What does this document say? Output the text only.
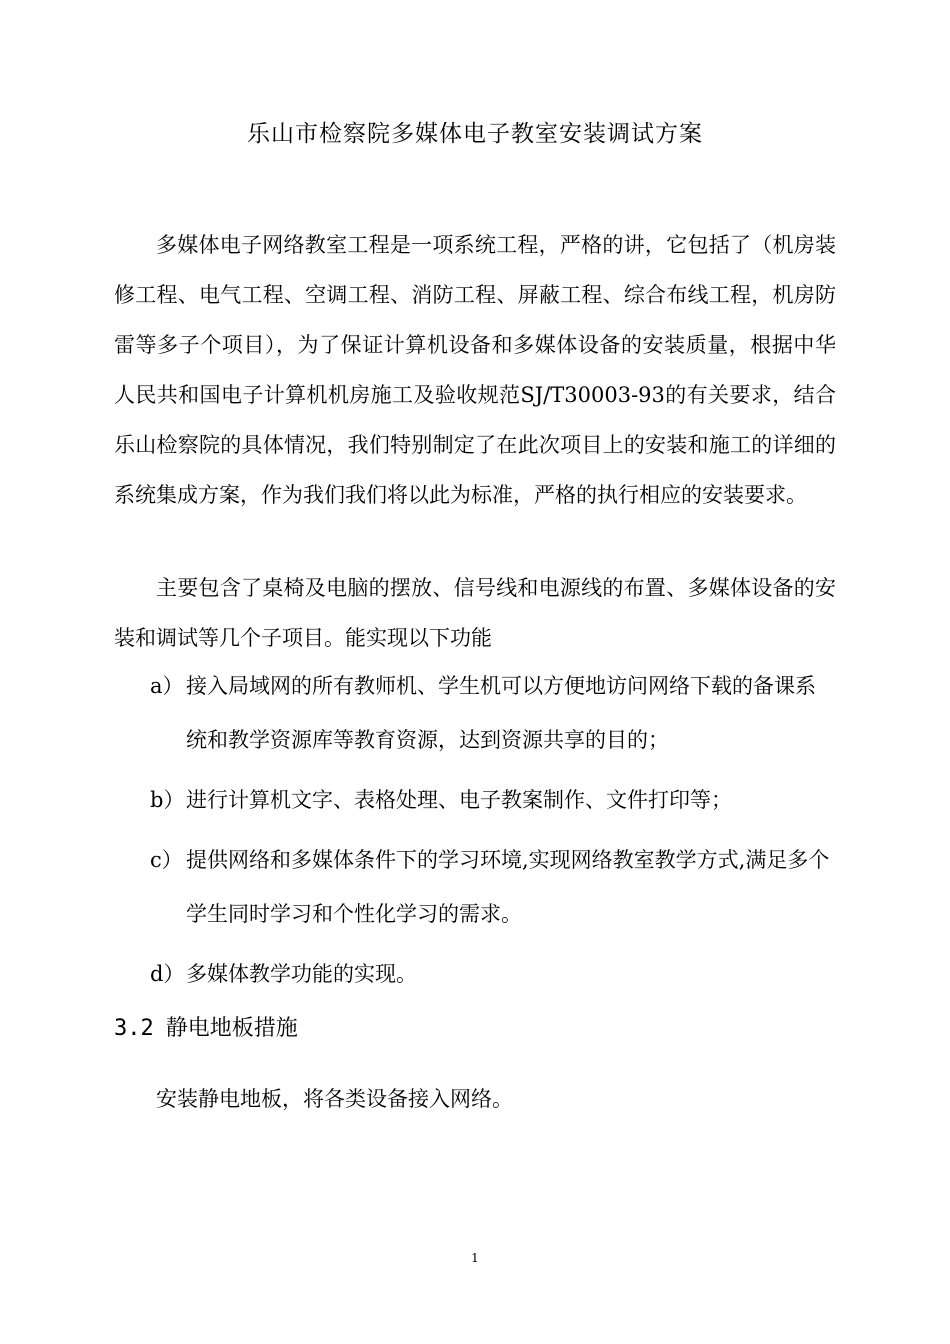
乐山市检察院多媒体电子教室安装调试方案

多媒体电子网络教室工程是一项系统工程，严格的讲，它包括了（机房装修工程、电气工程、空调工程、消防工程、屏蔽工程、综合布线工程，机房防雷等多子个项目），为了保证计算机设备和多媒体设备的安装质量，根据中华人民共和国电子计算机机房施工及验收规范SJ/T30003-93的有关要求，结合乐山检察院的具体情况，我们特别制定了在此次项目上的安装和施工的详细的系统集成方案，作为我们我们将以此为标准，严格的执行相应的安装要求。

主要包含了桌椅及电脑的摆放、信号线和电源线的布置、多媒体设备的安装和调试等几个子项目。能实现以下功能

a） 接入局域网的所有教师机、学生机可以方便地访问网络下载的备课系统和教学资源库等教育资源，达到资源共享的目的；
b） 进行计算机文字、表格处理、电子教案制作、文件打印等；
c） 提供网络和多媒体条件下的学习环境,实现网络教室教学方式,满足多个学生同时学习和个性化学习的需求。
d） 多媒体教学功能的实现。
3.2 静电地板措施

安装静电地板，将各类设备接入网络。

1
